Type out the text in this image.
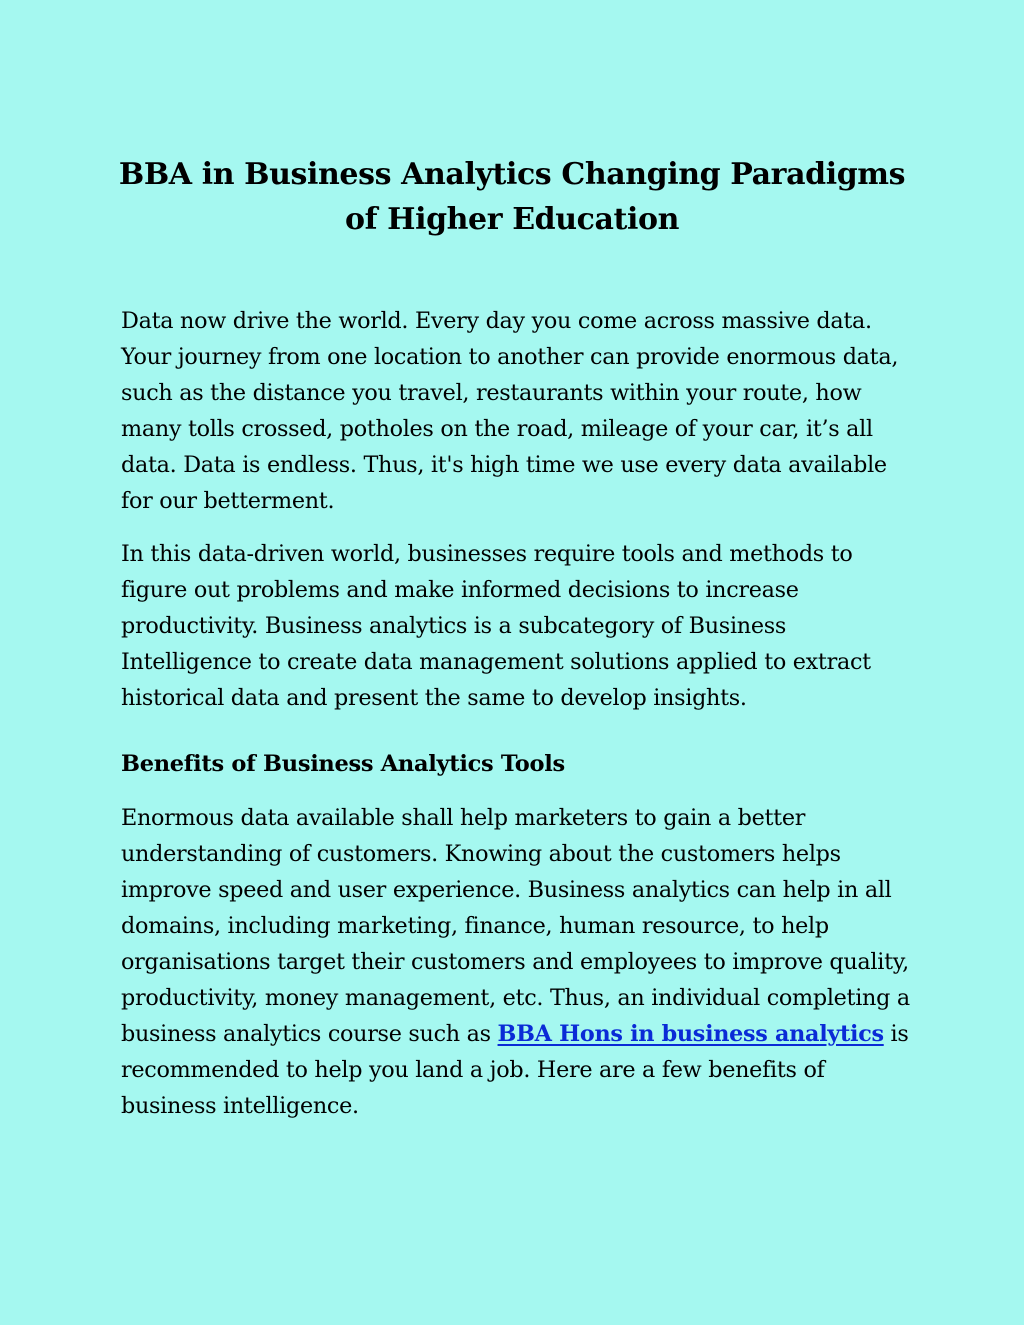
BBA in Business Analytics Changing Paradigms of Higher Education

Data now drive the world. Every day you come across massive data. Your journey from one location to another can provide enormous data, such as the distance you travel, restaurants within your route, how many tolls crossed, potholes on the road, mileage of your car, it’s all data. Data is endless. Thus, it's high time we use every data available for our betterment.

In this data-driven world, businesses require tools and methods to figure out problems and make informed decisions to increase productivity. Business analytics is a subcategory of Business Intelligence to create data management solutions applied to extract historical data and present the same to develop insights.

Benefits of Business Analytics Tools

Enormous data available shall help marketers to gain a better understanding of customers. Knowing about the customers helps improve speed and user experience. Business analytics can help in all domains, including marketing, finance, human resource, to help organisations target their customers and employees to improve quality, productivity, money management, etc. Thus, an individual completing a business analytics course such as BBA Hons in business analytics is recommended to help you land a job. Here are a few benefits of business intelligence.
